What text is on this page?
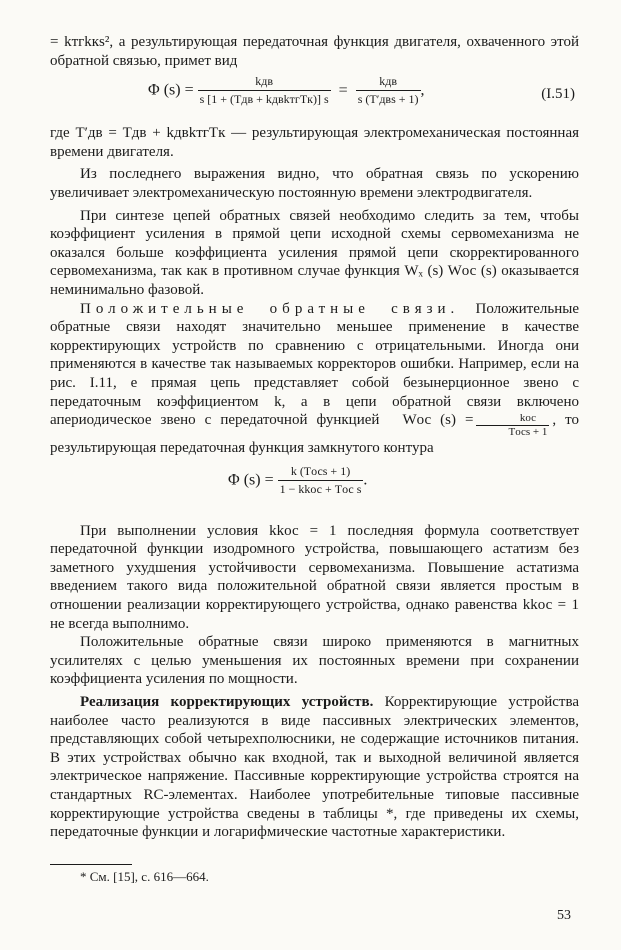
= kтгkкs², а результирующая передаточная функция двигателя, охваченного этой обратной связью, примет вид

Φ $(s) = \frac{\text{kдв}}{\text{s [1 + (Tдв + kдвkтгTк)] s}} = \frac{\text{kдв}}{\text{s (T′двs + 1)}}$ ,	(I.51)

где T′дв = Tдв + kдвkтгTк — результирующая электромеханическая постоянная времени двигателя.

Из последнего выражения видно, что обратная связь по ускорению увеличивает электромеханическую постоянную времени электродвигателя.

При синтезе цепей обратных связей необходимо следить за тем, чтобы коэффициент усиления в прямой цепи исходной схемы сервомеханизма не оказался больше коэффициента усиления прямой цепи скорректированного сервомеханизма, так как в противном случае функция Wₓ (s) Wос (s) оказывается неминимально фазовой.

Положительные обратные связи. Положительные обратные связи находят значительно меньшее применение в качестве корректирующих устройств по сравнению с отрицательными. Иногда они применяются в качестве так называемых корректоров ошибки. Например, если на рис. I.11, е прямая цепь представляет собой безынерционное звено с передаточным коэффициентом k, а в цепи обратной связи включено апериодическое звено с передаточной функцией Wос $(s) = \frac{\text{kос}}{\text{Tосs + 1}}$ , то результирующая передаточная функция замкнутого контура

Φ $(s) = \frac{\text{k (Tосs + 1)}}{\text{1 − kkос + Tос s}}$ .

При выполнении условия kkос = 1 последняя формула соответствует передаточной функции изодромного устройства, повышающего астатизм без заметного ухудшения устойчивости сервомеханизма. Повышение астатизма введением такого вида положительной обратной связи является простым в отношении реализации корректирующего устройства, однако равенства kkос = 1 не всегда выполнимо.

Положительные обратные связи широко применяются в магнитных усилителях с целью уменьшения их постоянных времени при сохранении коэффициента усиления по мощности.

Реализация корректирующих устройств. Корректирующие устройства наиболее часто реализуются в виде пассивных электрических элементов, представляющих собой четырехполюсники, не содержащие источников питания. В этих устройствах обычно как входной, так и выходной величиной является электрическое напряжение. Пассивные корректирующие устройства строятся на стандартных RC-элементах. Наиболее употребительные типовые пассивные корректирующие устройства сведены в таблицы *, где приведены их схемы, передаточные функции и логарифмические частотные характеристики.

* См. [15], с. 616—664.
53
